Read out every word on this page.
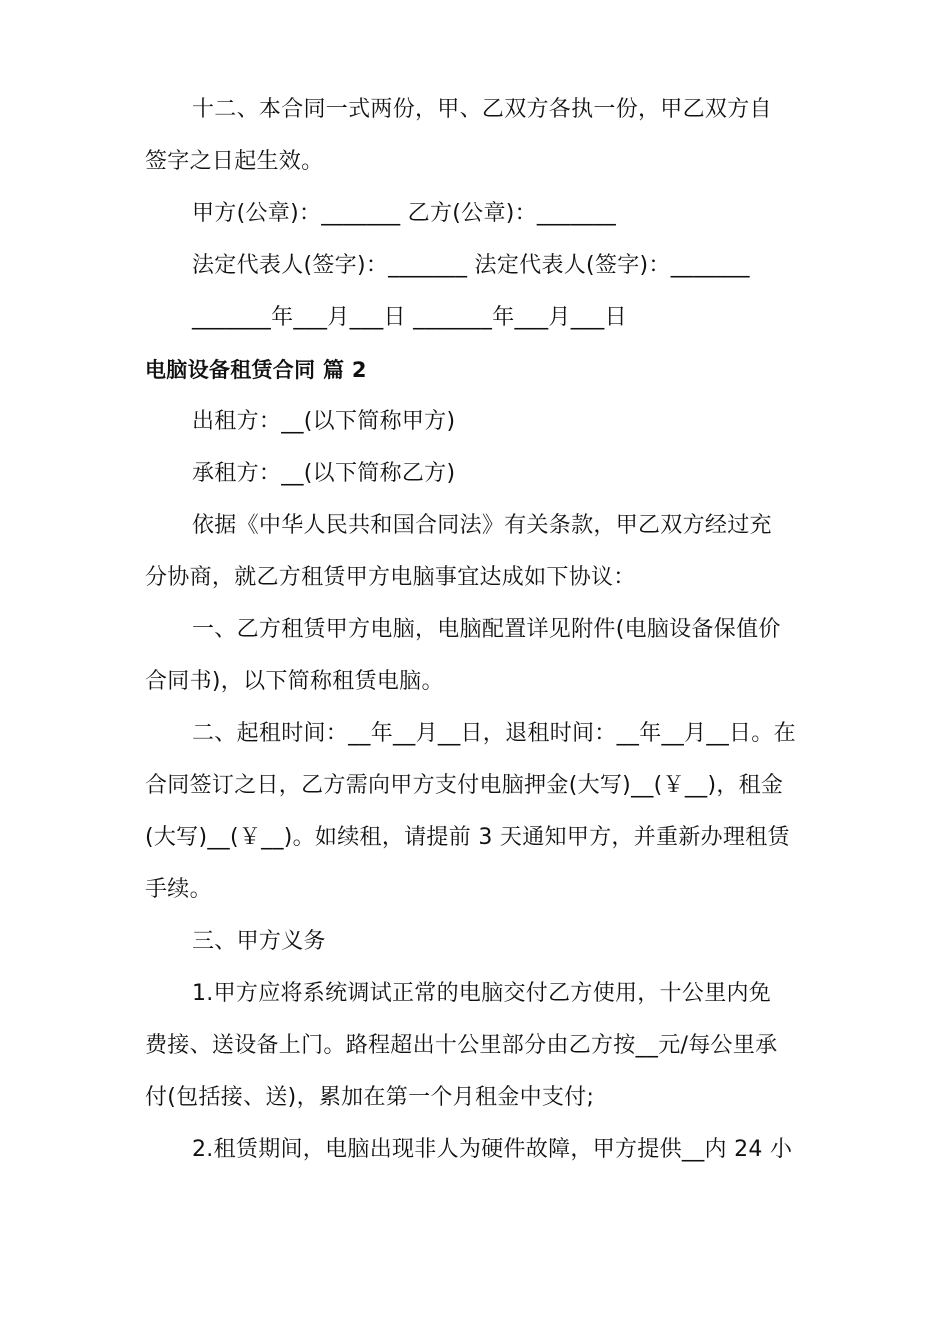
十二、本合同一式两份，甲、乙双方各执一份，甲乙双方自
签字之日起生效。
甲方(公章)：_______ 乙方(公章)：_______
法定代表人(签字)：_______ 法定代表人(签字)：_______
_______年___月___日 _______年___月___日
电脑设备租赁合同 篇 2
出租方：__(以下简称甲方)
承租方：__(以下简称乙方)
依据《中华人民共和国合同法》有关条款，甲乙双方经过充
分协商，就乙方租赁甲方电脑事宜达成如下协议：
一、乙方租赁甲方电脑，电脑配置详见附件(电脑设备保值价
合同书)，以下简称租赁电脑。
二、起租时间：__年__月__日，退租时间：__年__月__日。在
合同签订之日，乙方需向甲方支付电脑押金(大写)__(￥__)，租金
(大写)__(￥__)。如续租，请提前 3 天通知甲方，并重新办理租赁
手续。
三、甲方义务
1.甲方应将系统调试正常的电脑交付乙方使用，十公里内免
费接、送设备上门。路程超出十公里部分由乙方按__元/每公里承
付(包括接、送)，累加在第一个月租金中支付;
2.租赁期间，电脑出现非人为硬件故障，甲方提供__内 24 小
